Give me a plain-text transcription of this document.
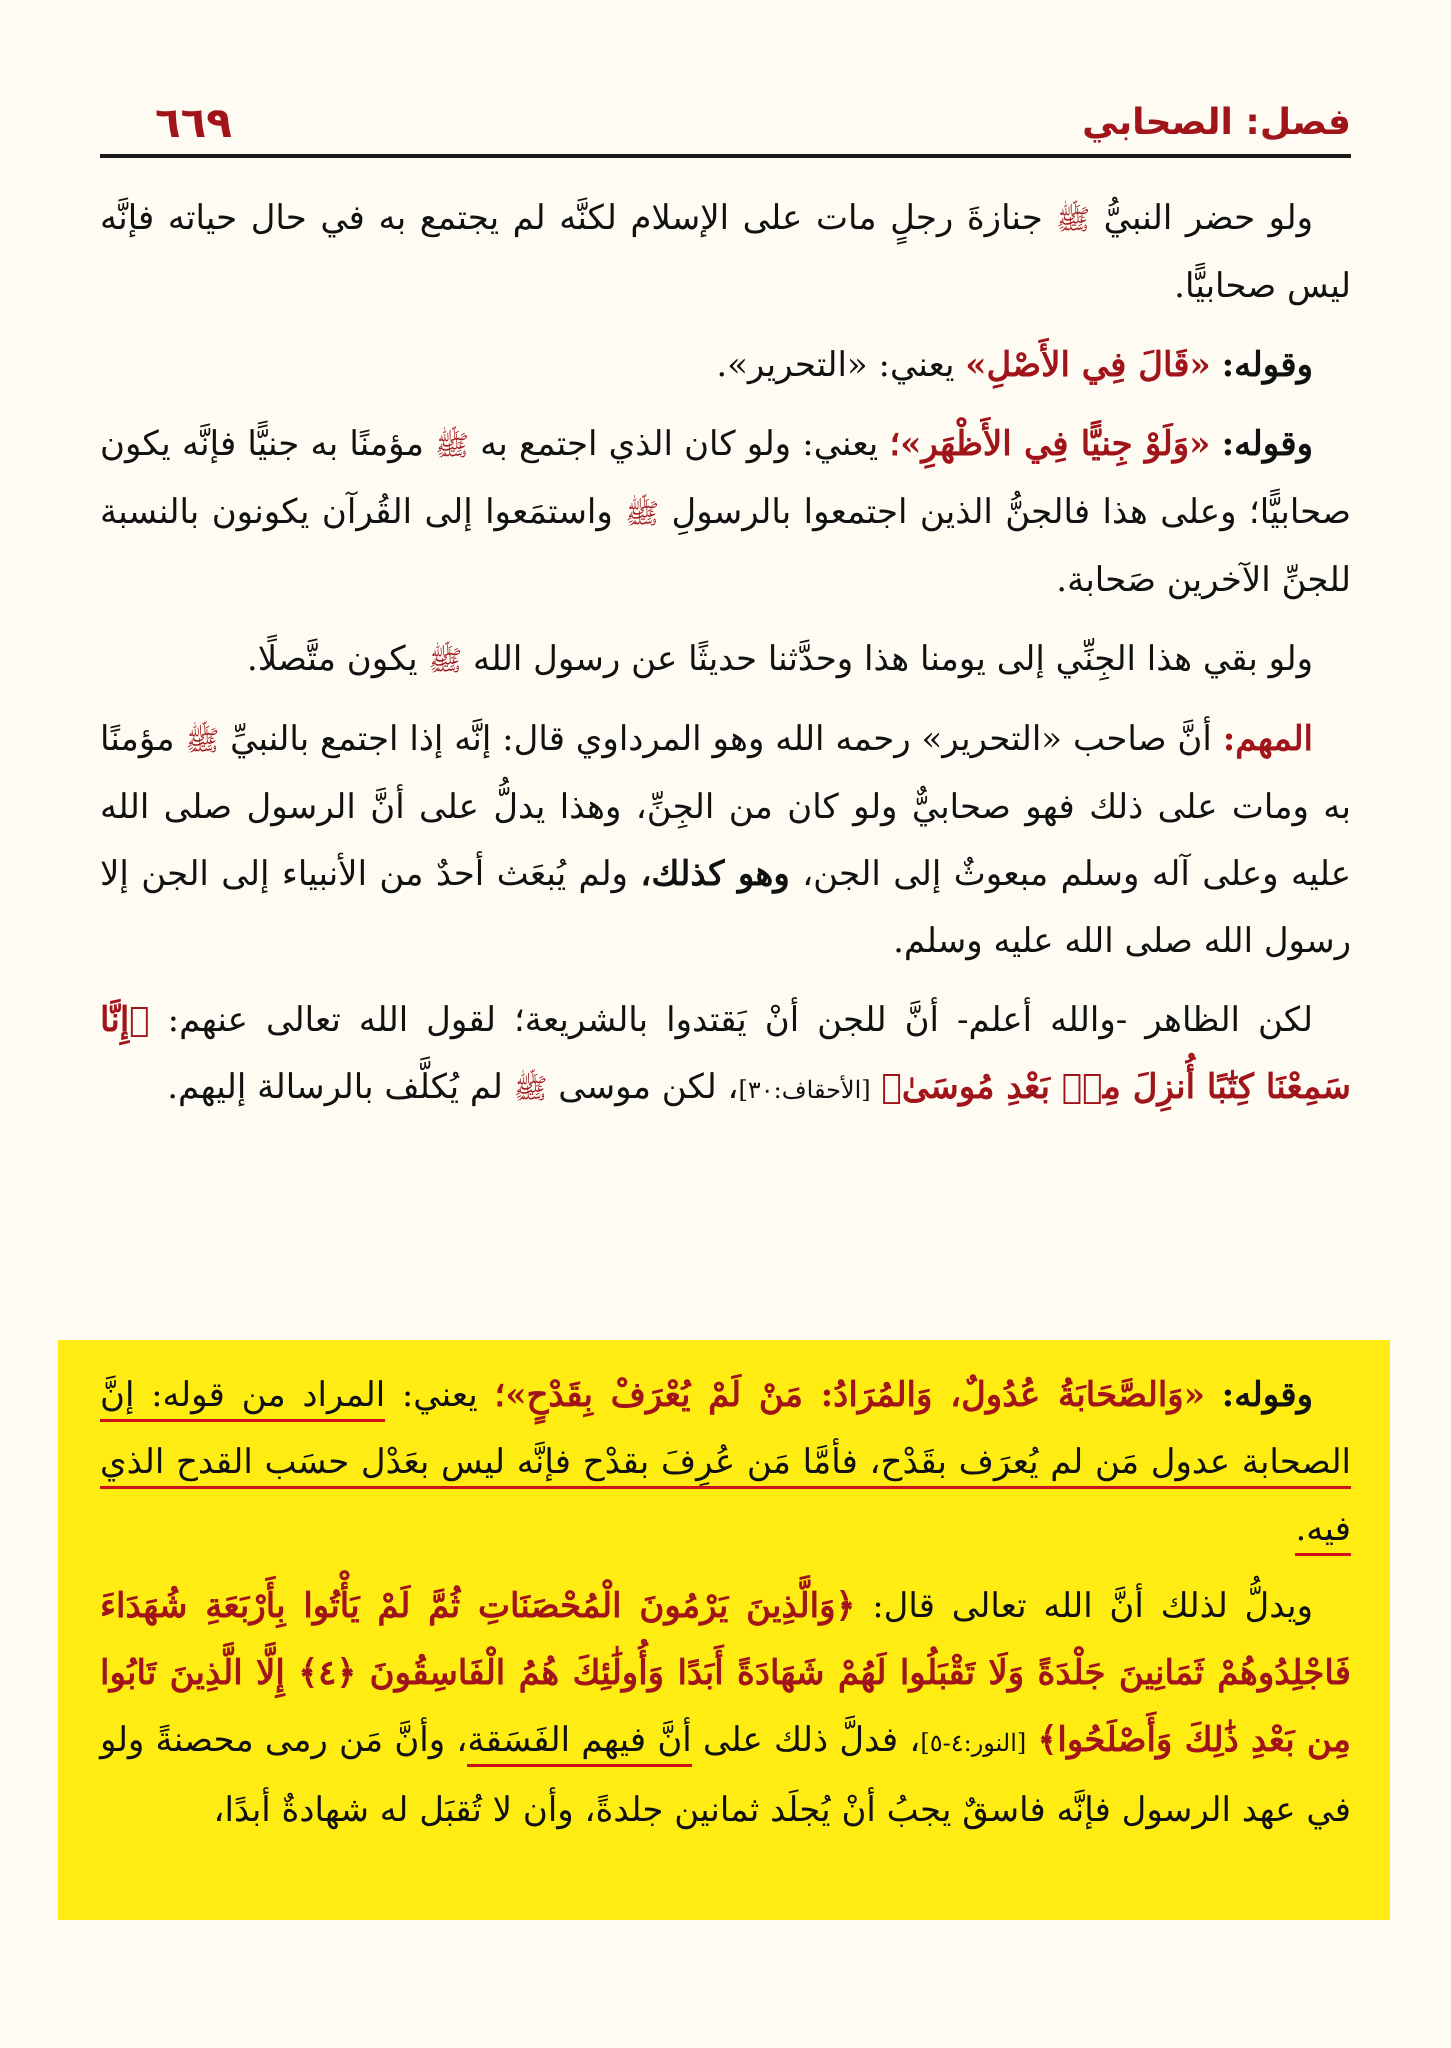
فصل: الصحابي
٦٦٩

ولو حضر النبيُّ ﷺ جنازةَ رجلٍ مات على الإسلام لكنَّه لم يجتمع به في حال حياته فإنَّه ليس صحابيًّا.

وقوله: «قَالَ فِي الأَصْلِ» يعني: «التحرير».

وقوله: «وَلَوْ جِنيًّا فِي الأَظْهَرِ»؛ يعني: ولو كان الذي اجتمع به ﷺ مؤمنًا به جنيًّا فإنَّه يكون صحابيًّا؛ وعلى هذا فالجنُّ الذين اجتمعوا بالرسولِ ﷺ واستمَعوا إلى القُرآن يكونون بالنسبة للجنِّ الآخرين صَحابة.

ولو بقي هذا الجِنِّي إلى يومنا هذا وحدَّثنا حديثًا عن رسول الله ﷺ يكون متَّصلًا.

المهم: أنَّ صاحب «التحرير» رحمه الله وهو المرداوي قال: إنَّه إذا اجتمع بالنبيِّ ﷺ مؤمنًا به ومات على ذلك فهو صحابيٌّ ولو كان من الجِنِّ، وهذا يدلُّ على أنَّ الرسول صلى الله عليه وعلى آله وسلم مبعوثٌ إلى الجن، وهو كذلك، ولم يُبعَث أحدٌ من الأنبياء إلى الجن إلا رسول الله صلى الله عليه وسلم.

لكن الظاهر -والله أعلم- أنَّ للجن أنْ يَقتدوا بالشريعة؛ لقول الله تعالى عنهم: ﴿إِنَّا سَمِعْنَا كِتَٰبًا أُنزِلَ مِنۢ بَعْدِ مُوسَىٰ﴾ [الأحقاف:٣٠]، لكن موسى ﷺ لم يُكلَّف بالرسالة إليهم.

وقوله: «وَالصَّحَابَةُ عُدُولٌ، وَالمُرَادُ: مَنْ لَمْ يُعْرَفْ بِقَدْحٍ»؛ يعني: المراد من قوله: إنَّ الصحابة عدول مَن لم يُعرَف بقَدْح، فأمَّا مَن عُرِفَ بقدْح فإنَّه ليس بعَدْل حسَب القدح الذي فيه.

ويدلُّ لذلك أنَّ الله تعالى قال: ﴿وَالَّذِينَ يَرْمُونَ الْمُحْصَنَاتِ ثُمَّ لَمْ يَأْتُوا بِأَرْبَعَةِ شُهَدَاءَ فَاجْلِدُوهُمْ ثَمَانِينَ جَلْدَةً وَلَا تَقْبَلُوا لَهُمْ شَهَادَةً أَبَدًا وَأُولَٰئِكَ هُمُ الْفَاسِقُونَ ﴿٤﴾ إِلَّا الَّذِينَ تَابُوا مِن بَعْدِ ذَٰلِكَ وَأَصْلَحُوا﴾ [النور:٤-٥]، فدلَّ ذلك على أنَّ فيهم الفَسَقة، وأنَّ مَن رمى محصنةً ولو في عهد الرسول فإنَّه فاسقٌ يجبُ أنْ يُجلَد ثمانين جلدةً، وأن لا تُقبَل له شهادةٌ أبدًا،
